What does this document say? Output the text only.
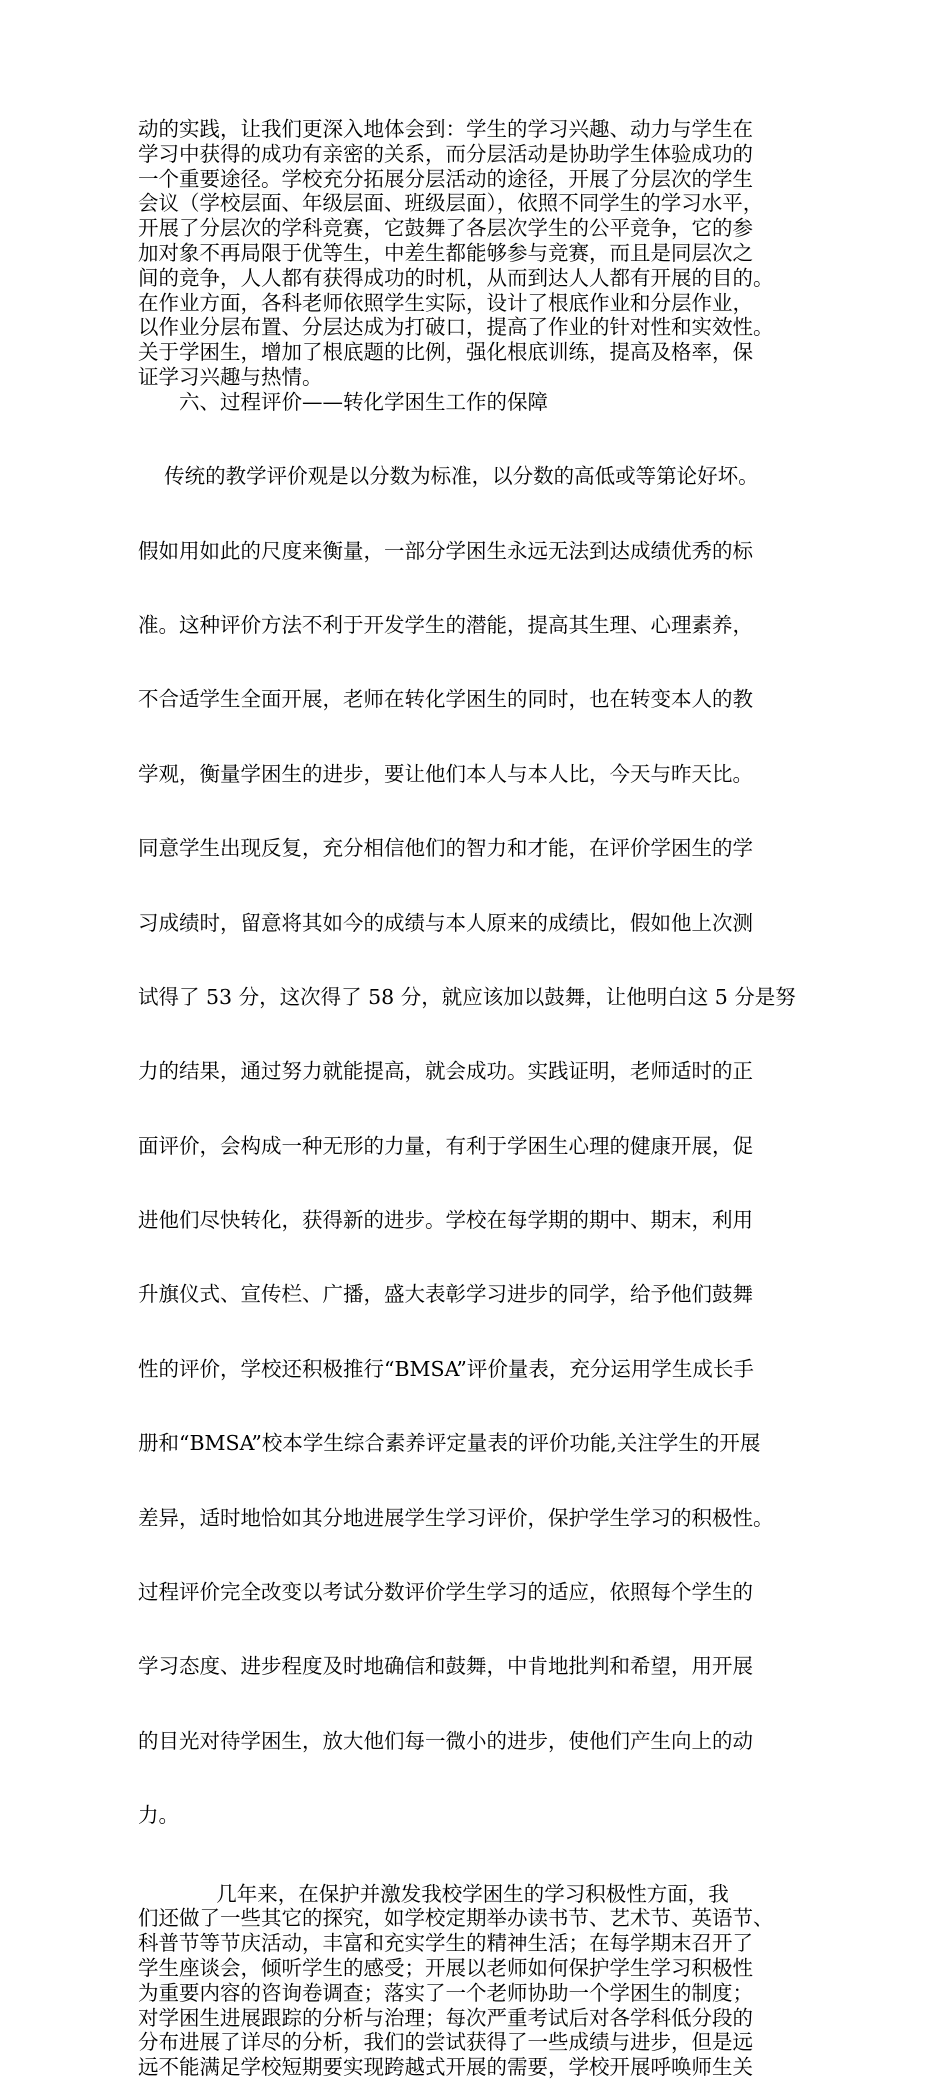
动的实践，让我们更深入地体会到：学生的学习兴趣、动力与学生在
学习中获得的成功有亲密的关系，而分层活动是协助学生体验成功的
一个重要途径。学校充分拓展分层活动的途径，开展了分层次的学生
会议（学校层面、年级层面、班级层面），依照不同学生的学习水平，
开展了分层次的学科竞赛，它鼓舞了各层次学生的公平竞争，它的参
加对象不再局限于优等生，中差生都能够参与竞赛，而且是同层次之
间的竞争，人人都有获得成功的时机，从而到达人人都有开展的目的。
在作业方面，各科老师依照学生实际，设计了根底作业和分层作业，
以作业分层布置、分层达成为打破口，提高了作业的针对性和实效性。
关于学困生，增加了根底题的比例，强化根底训练，提高及格率，保
证学习兴趣与热情。
六、过程评价——转化学困生工作的保障

传统的教学评价观是以分数为标准，以分数的高低或等第论好坏。

假如用如此的尺度来衡量，一部分学困生永远无法到达成绩优秀的标

准。这种评价方法不利于开发学生的潜能，提高其生理、心理素养，

不合适学生全面开展，老师在转化学困生的同时，也在转变本人的教

学观，衡量学困生的进步，要让他们本人与本人比，今天与昨天比。

同意学生出现反复，充分相信他们的智力和才能，在评价学困生的学

习成绩时，留意将其如今的成绩与本人原来的成绩比，假如他上次测

试得了 53 分，这次得了 58 分，就应该加以鼓舞，让他明白这 5 分是努

力的结果，通过努力就能提高，就会成功。实践证明，老师适时的正

面评价，会构成一种无形的力量，有利于学困生心理的健康开展，促

进他们尽快转化，获得新的进步。学校在每学期的期中、期末，利用

升旗仪式、宣传栏、广播，盛大表彰学习进步的同学，给予他们鼓舞

性的评价，学校还积极推行“BMSA”评价量表，充分运用学生成长手

册和“BMSA”校本学生综合素养评定量表的评价功能,关注学生的开展

差异，适时地恰如其分地进展学生学习评价，保护学生学习的积极性。

过程评价完全改变以考试分数评价学生学习的适应，依照每个学生的

学习态度、进步程度及时地确信和鼓舞，中肯地批判和希望，用开展

的目光对待学困生，放大他们每一微小的进步，使他们产生向上的动

力。

几年来，在保护并激发我校学困生的学习积极性方面，我
们还做了一些其它的探究，如学校定期举办读书节、艺术节、英语节、
科普节等节庆活动，丰富和充实学生的精神生活；在每学期末召开了
学生座谈会，倾听学生的感受；开展以老师如何保护学生学习积极性
为重要内容的咨询卷调查；落实了一个老师协助一个学困生的制度；
对学困生进展跟踪的分析与治理；每次严重考试后对各学科低分段的
分布进展了详尽的分析，我们的尝试获得了一些成绩与进步，但是远
远不能满足学校短期要实现跨越式开展的需要，学校开展呼唤师生关
